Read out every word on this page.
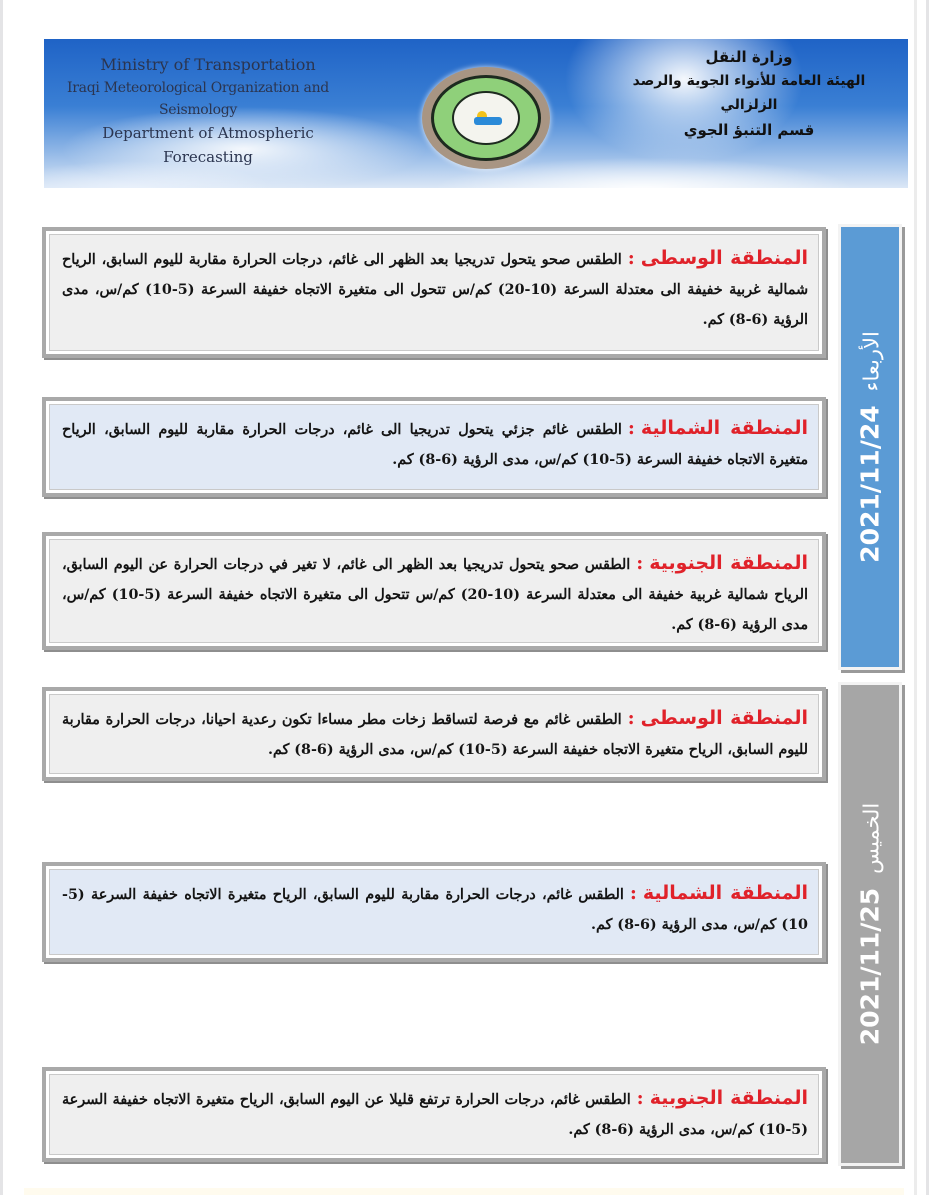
Ministry of Transportation
Iraqi Meteorological Organization and Seismology
Department of Atmospheric Forecasting
وزارة النقل
الهيئة العامة للأنواء الجوية والرصد الزلزالي
قسم التنبؤ الجوي
2021/11/24الأربعاء
2021/11/25الخميس
المنطقة الوسطى:الطقس صحو يتحول تدريجيا بعد الظهر الى غائم، درجات الحرارة مقاربة لليوم السابق، الرياح شمالية غربية خفيفة الى معتدلة السرعة (10-20) كم/س تتحول الى متغيرة الاتجاه خفيفة السرعة (5-10) كم/س، مدى الرؤية (6-8) كم.
المنطقة الشمالية:الطقس غائم جزئي يتحول تدريجيا الى غائم، درجات الحرارة مقاربة لليوم السابق، الرياح متغيرة الاتجاه خفيفة السرعة (5-10) كم/س، مدى الرؤية (6-8) كم.
المنطقة الجنوبية:الطقس صحو يتحول تدريجيا بعد الظهر الى غائم، لا تغير في درجات الحرارة عن اليوم السابق، الرياح شمالية غربية خفيفة الى معتدلة السرعة (10-20) كم/س تتحول الى متغيرة الاتجاه خفيفة السرعة (5-10) كم/س، مدى الرؤية (6-8) كم.
المنطقة الوسطى:الطقس غائم مع فرصة لتساقط زخات مطر مساءا تكون رعدية احيانا، درجات الحرارة مقاربة لليوم السابق، الرياح متغيرة الاتجاه خفيفة السرعة (5-10) كم/س، مدى الرؤية (6-8) كم.
المنطقة الشمالية:الطقس غائم، درجات الحرارة مقاربة لليوم السابق، الرياح متغيرة الاتجاه خفيفة السرعة (5-10) كم/س، مدى الرؤية (6-8) كم.
المنطقة الجنوبية:الطقس غائم، درجات الحرارة ترتفع قليلا عن اليوم السابق، الرياح متغيرة الاتجاه خفيفة السرعة (5-10) كم/س، مدى الرؤية (6-8) كم.
